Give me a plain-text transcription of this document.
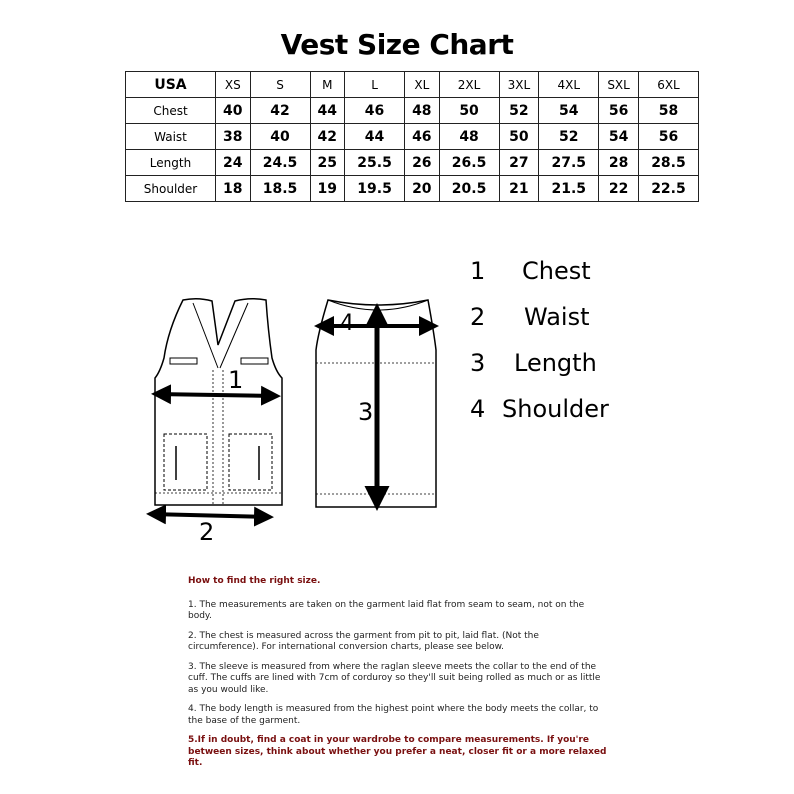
Vest Size Chart
USA	XS	S	M	L	XL	2XL	3XL	4XL	SXL	6XL
Chest	40	42	44	46	48	50	52	54	56	58
Waist	38	40	42	44	46	48	50	52	54	56
Length	24	24.5	25	25.5	26	26.5	27	27.5	28	28.5
Shoulder	18	18.5	19	19.5	20	20.5	21	21.5	22	22.5
1
2
3
4
1	Chest
2	Waist
3	Length
4 Shoulder

How to find the right size.

1. The measurements are taken on the garment laid flat from seam to seam, not on the body.

2. The chest is measured across the garment from pit to pit, laid flat. (Not the circumference). For international conversion charts, please see below.

3. The sleeve is measured from where the raglan sleeve meets the collar to the end of the cuff. The cuffs are lined with 7cm of corduroy so they'll suit being rolled as much or as little as you would like.

4. The body length is measured from the highest point where the body meets the collar, to the base of the garment.

5.If in doubt, find a coat in your wardrobe to compare measurements. If you're between sizes, think about whether you prefer a neat, closer fit or a more relaxed fit.
